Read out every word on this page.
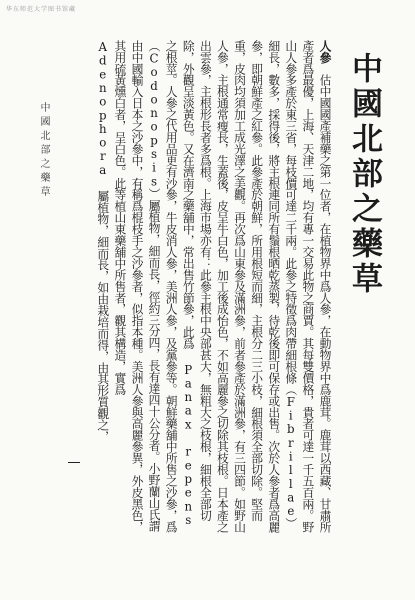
华东师范大学图书馆藏
中國北部之藥草	中國北部之藥草
人參　估中國國產補藥之第一位者，在植物界中爲人參，在動物界中爲鹿茸。鹿茸以西藏、甘肅所產者爲最優，上海、天津二地，均有專一交易此物之商賈。其每雙價格，貴者可達一千五百兩。野山人參多產於東三省，每枝價可達二千兩。此參之特徵爲肉帶細根條（Fibrillae）細長，數多，採得後，將主根連同所有鬚根晒乾蒸製，待乾後即可保存或出售。次於人參者爲高麗參，即朝鮮產之紅參。此參產於朝鮮，所用根短而細，主根分二三小枝，細根須全部切除。堅而重，皮肉均須加工成光澤之美觀。再次爲山東參及滿洲參，前者參產於滿洲參，有三四節。如野山人參，主根通常瘦長，生蓋後，皮呈牛白色，加工後成怡色，不如高麗參之切除其枝根。日本產之出雲參，主根形長者多爲根。上海市場亦有：此參主根中央部甚大，無粗大之枝根，細根全部切除，外觀呈淡黃色。又在濟南之藥舖中，常出售竹節參，此爲 Panax repens 之根莖。人參之代用品更有沙參，牛皮消人參，美洲人參，及黨參等。朝鮮藥舖中所售之沙參，爲（Codonopsis）屬植物，細而長，徑約三分四，長有達四十公分者。小野蘭山氏謂由中國輸入日本之沙參中，有稱爲棍枝手之沙參者，似指本種。美洲人參與高麗參異，外皮黑色，其用硫黃燻白者，呈白色。此等植山東藥舖中所售者，觀其構造，實爲 Adenophora 屬植物，細而長，如由栽培而得，由其形質觀之，
